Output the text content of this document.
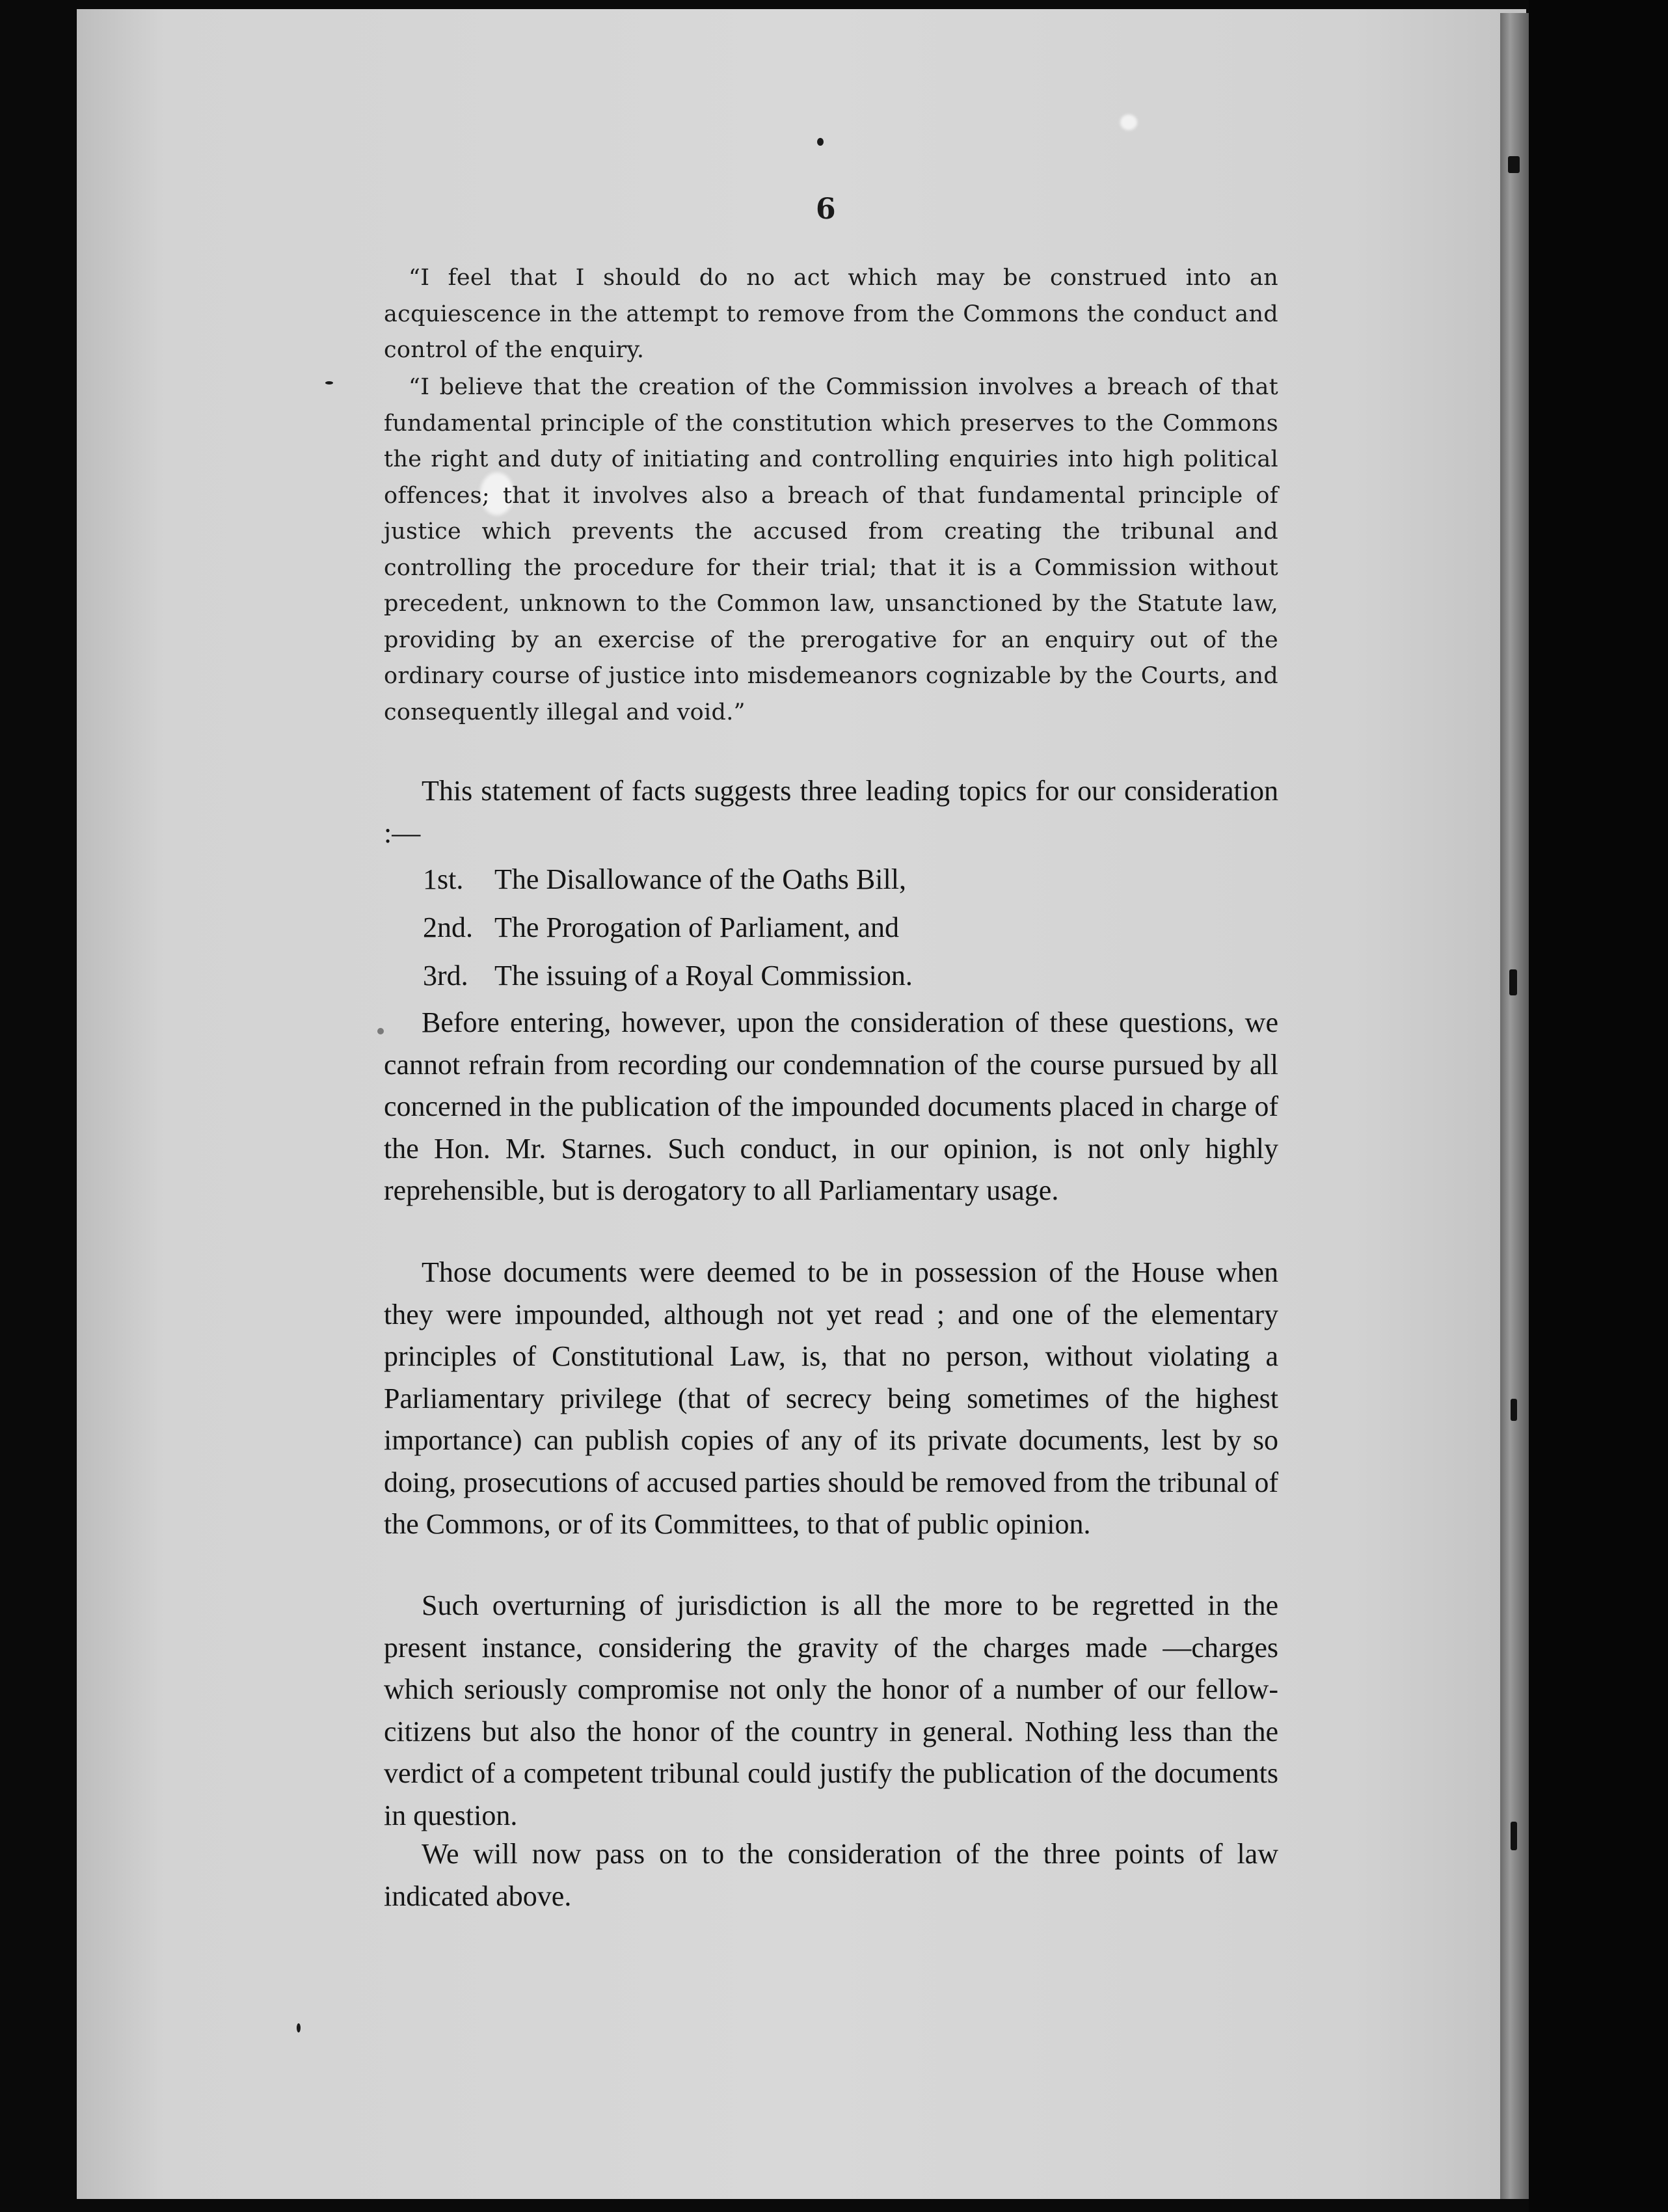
6
“I feel that I should do no act which may be construed into an acquiescence in the attempt to remove from the Commons the conduct and control of the enquiry.
“I believe that the creation of the Commission involves a breach of that fundamental principle of the constitution which preserves to the Commons the right and duty of initiating and controlling enquiries into high political offences; that it involves also a breach of that fundamental principle of justice which prevents the accused from creating the tribunal and controlling the procedure for their trial; that it is a Commission without precedent, unknown to the Common law, unsanctioned by the Statute law, providing by an exercise of the prerogative for an enquiry out of the ordinary course of justice into misdemeanors cognizable by the Courts, and consequently illegal and void.”
This statement of facts suggests three leading topics for our consideration :—
1st. The Disallowance of the Oaths Bill,
2nd. The Prorogation of Parliament, and
3rd. The issuing of a Royal Commission.
Before entering, however, upon the consideration of these questions, we cannot refrain from recording our condemnation of the course pursued by all concerned in the publication of the impounded documents placed in charge of the Hon. Mr. Starnes. Such conduct, in our opinion, is not only highly reprehensible, but is derogatory to all Parliamentary usage.
Those documents were deemed to be in possession of the House when they were impounded, although not yet read ; and one of the elementary principles of Constitutional Law, is, that no person, without violating a Parliamentary privilege (that of secrecy being sometimes of the highest importance) can publish copies of any of its private documents, lest by so doing, prosecutions of accused parties should be removed from the tribunal of the Commons, or of its Committees, to that of public opinion.
Such overturning of jurisdiction is all the more to be regretted in the present instance, considering the gravity of the charges made —charges which seriously compromise not only the honor of a number of our fellow-citizens but also the honor of the country in general. Nothing less than the verdict of a competent tribunal could justify the publication of the documents in question.
We will now pass on to the consideration of the three points of law indicated above.
